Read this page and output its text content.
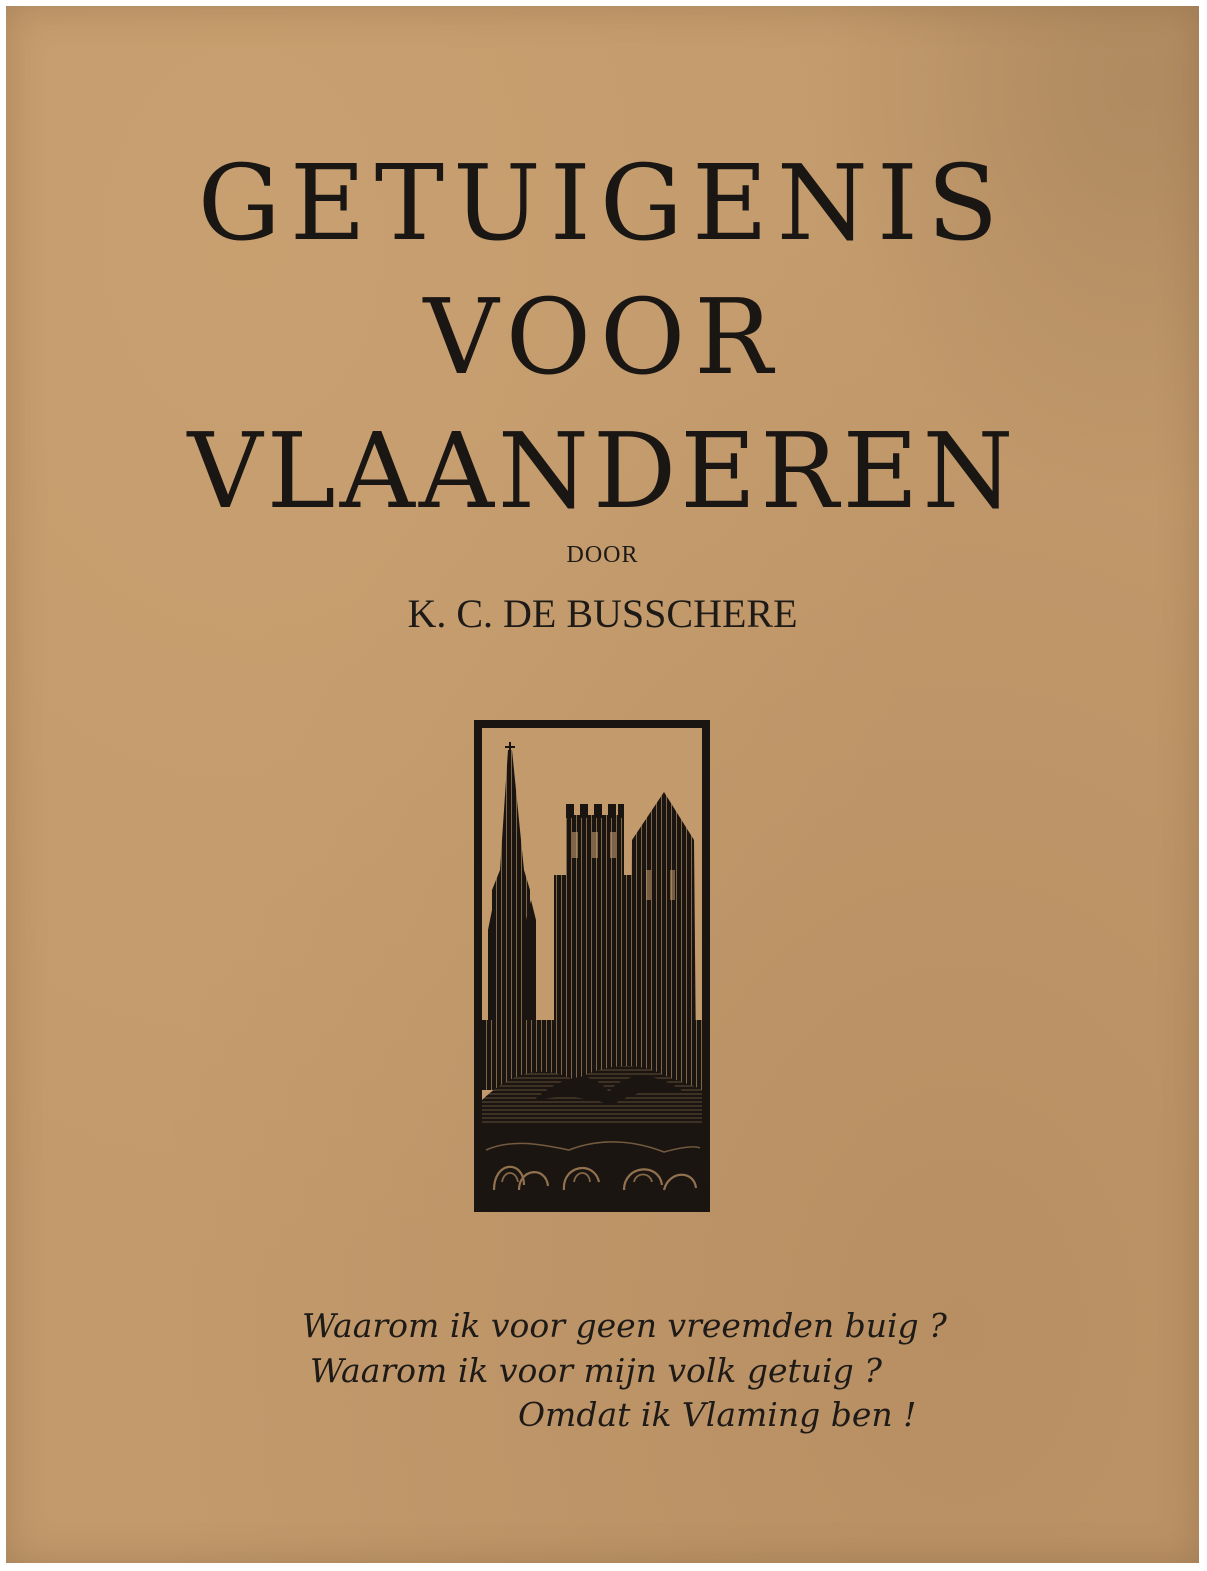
GETUIGENIS
VOOR
VLAANDEREN
DOOR
K. C. DE BUSSCHERE
Waarom ik voor geen vreemden buig ?
Waarom ik voor mijn volk getuig ?
Omdat ik Vlaming ben !
